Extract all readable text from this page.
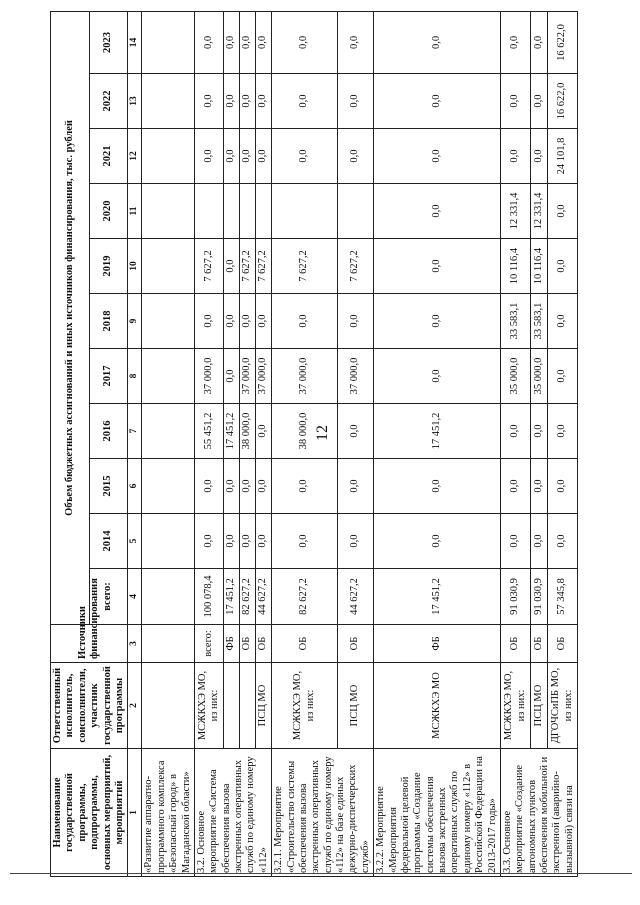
12
Наименование государственной программы, подпрограммы, основных мероприятий, мероприятий	Ответственный исполнитель, соисполнители, участник государственной программы	Источники финансирования	Объем бюджетных ассигнований и иных источников финансирования, тыс. рублей										
			всего:	2014	2015	2016	2017	2018	2019	2020	2021	2022	2023
1	2	3	4	5	6	7	8	9	10	11	12	13	14
«Развитие аппаратно-программного комплекса «Безопасный город» в Магаданской области»													
3.2. Основное мероприятие «Система обеспечения вызова экстренных оперативных служб по единому номеру «112»	МСЖКХЭ МО, из них:	всего:	100 078,4	0,0	0,0	55 451,2	37 000,0	0,0	7 627,2		0,0	0,0	0,0
		ФБ	17 451,2	0,0	0,0	17 451,2	0,0	0,0	0,0		0,0	0,0	0,0
		ОБ	82 627,2	0,0	0,0	38 000,0	37 000,0	0,0	7 627,2		0,0	0,0	0,0
	ПСЦ МО	ОБ	44 627,2	0,0	0,0	0,0	37 000,0	0,0	7 627,2		0,0	0,0	0,0
3.2.1. Мероприятие «Строительство системы обеспечения вызова экстренных оперативных служб по единому номеру «112» на базе единых дежурно-диспетчерских служб»	МСЖКХЭ МО, из них:	ОБ	82 627,2	0,0	0,0	38 000,0	37 000,0	0,0	7 627,2		0,0	0,0	0,0
	ПСЦ МО	ОБ	44 627,2	0,0	0,0	0,0	37 000,0	0,0	7 627,2		0,0	0,0	0,0
3.2.2. Мероприятие «Мероприятия федеральной целевой программы «Создание системы обеспечения вызова экстренных оперативных служб по единому номеру «112» в Российской Федерации на 2013-2017 годы»	МСЖКХЭ МО	ФБ	17 451,2	0,0	0,0	17 451,2	0,0	0,0	0,0	0,0	0,0	0,0	0,0
3.3. Основное мероприятие «Создание автономных пунктов обеспечения мобильной и экстренной (аварийно-вызывной) связи на	МСЖКХЭ МО, из них:	ОБ	91 030,9	0,0	0,0	0,0	35 000,0	33 583,1	10 116,4	12 331,4	0,0	0,0	0,0
	ПСЦ МО	ОБ	91 030,9	0,0	0,0	0,0	35 000,0	33 583,1	10 116,4	12 331,4	0,0	0,0	0,0
	ДГОЧСиПБ МО, из них:	ОБ	57 345,8	0,0	0,0	0,0	0,0	0,0	0,0	0,0	24 101,8	16 622,0	16 622,0
